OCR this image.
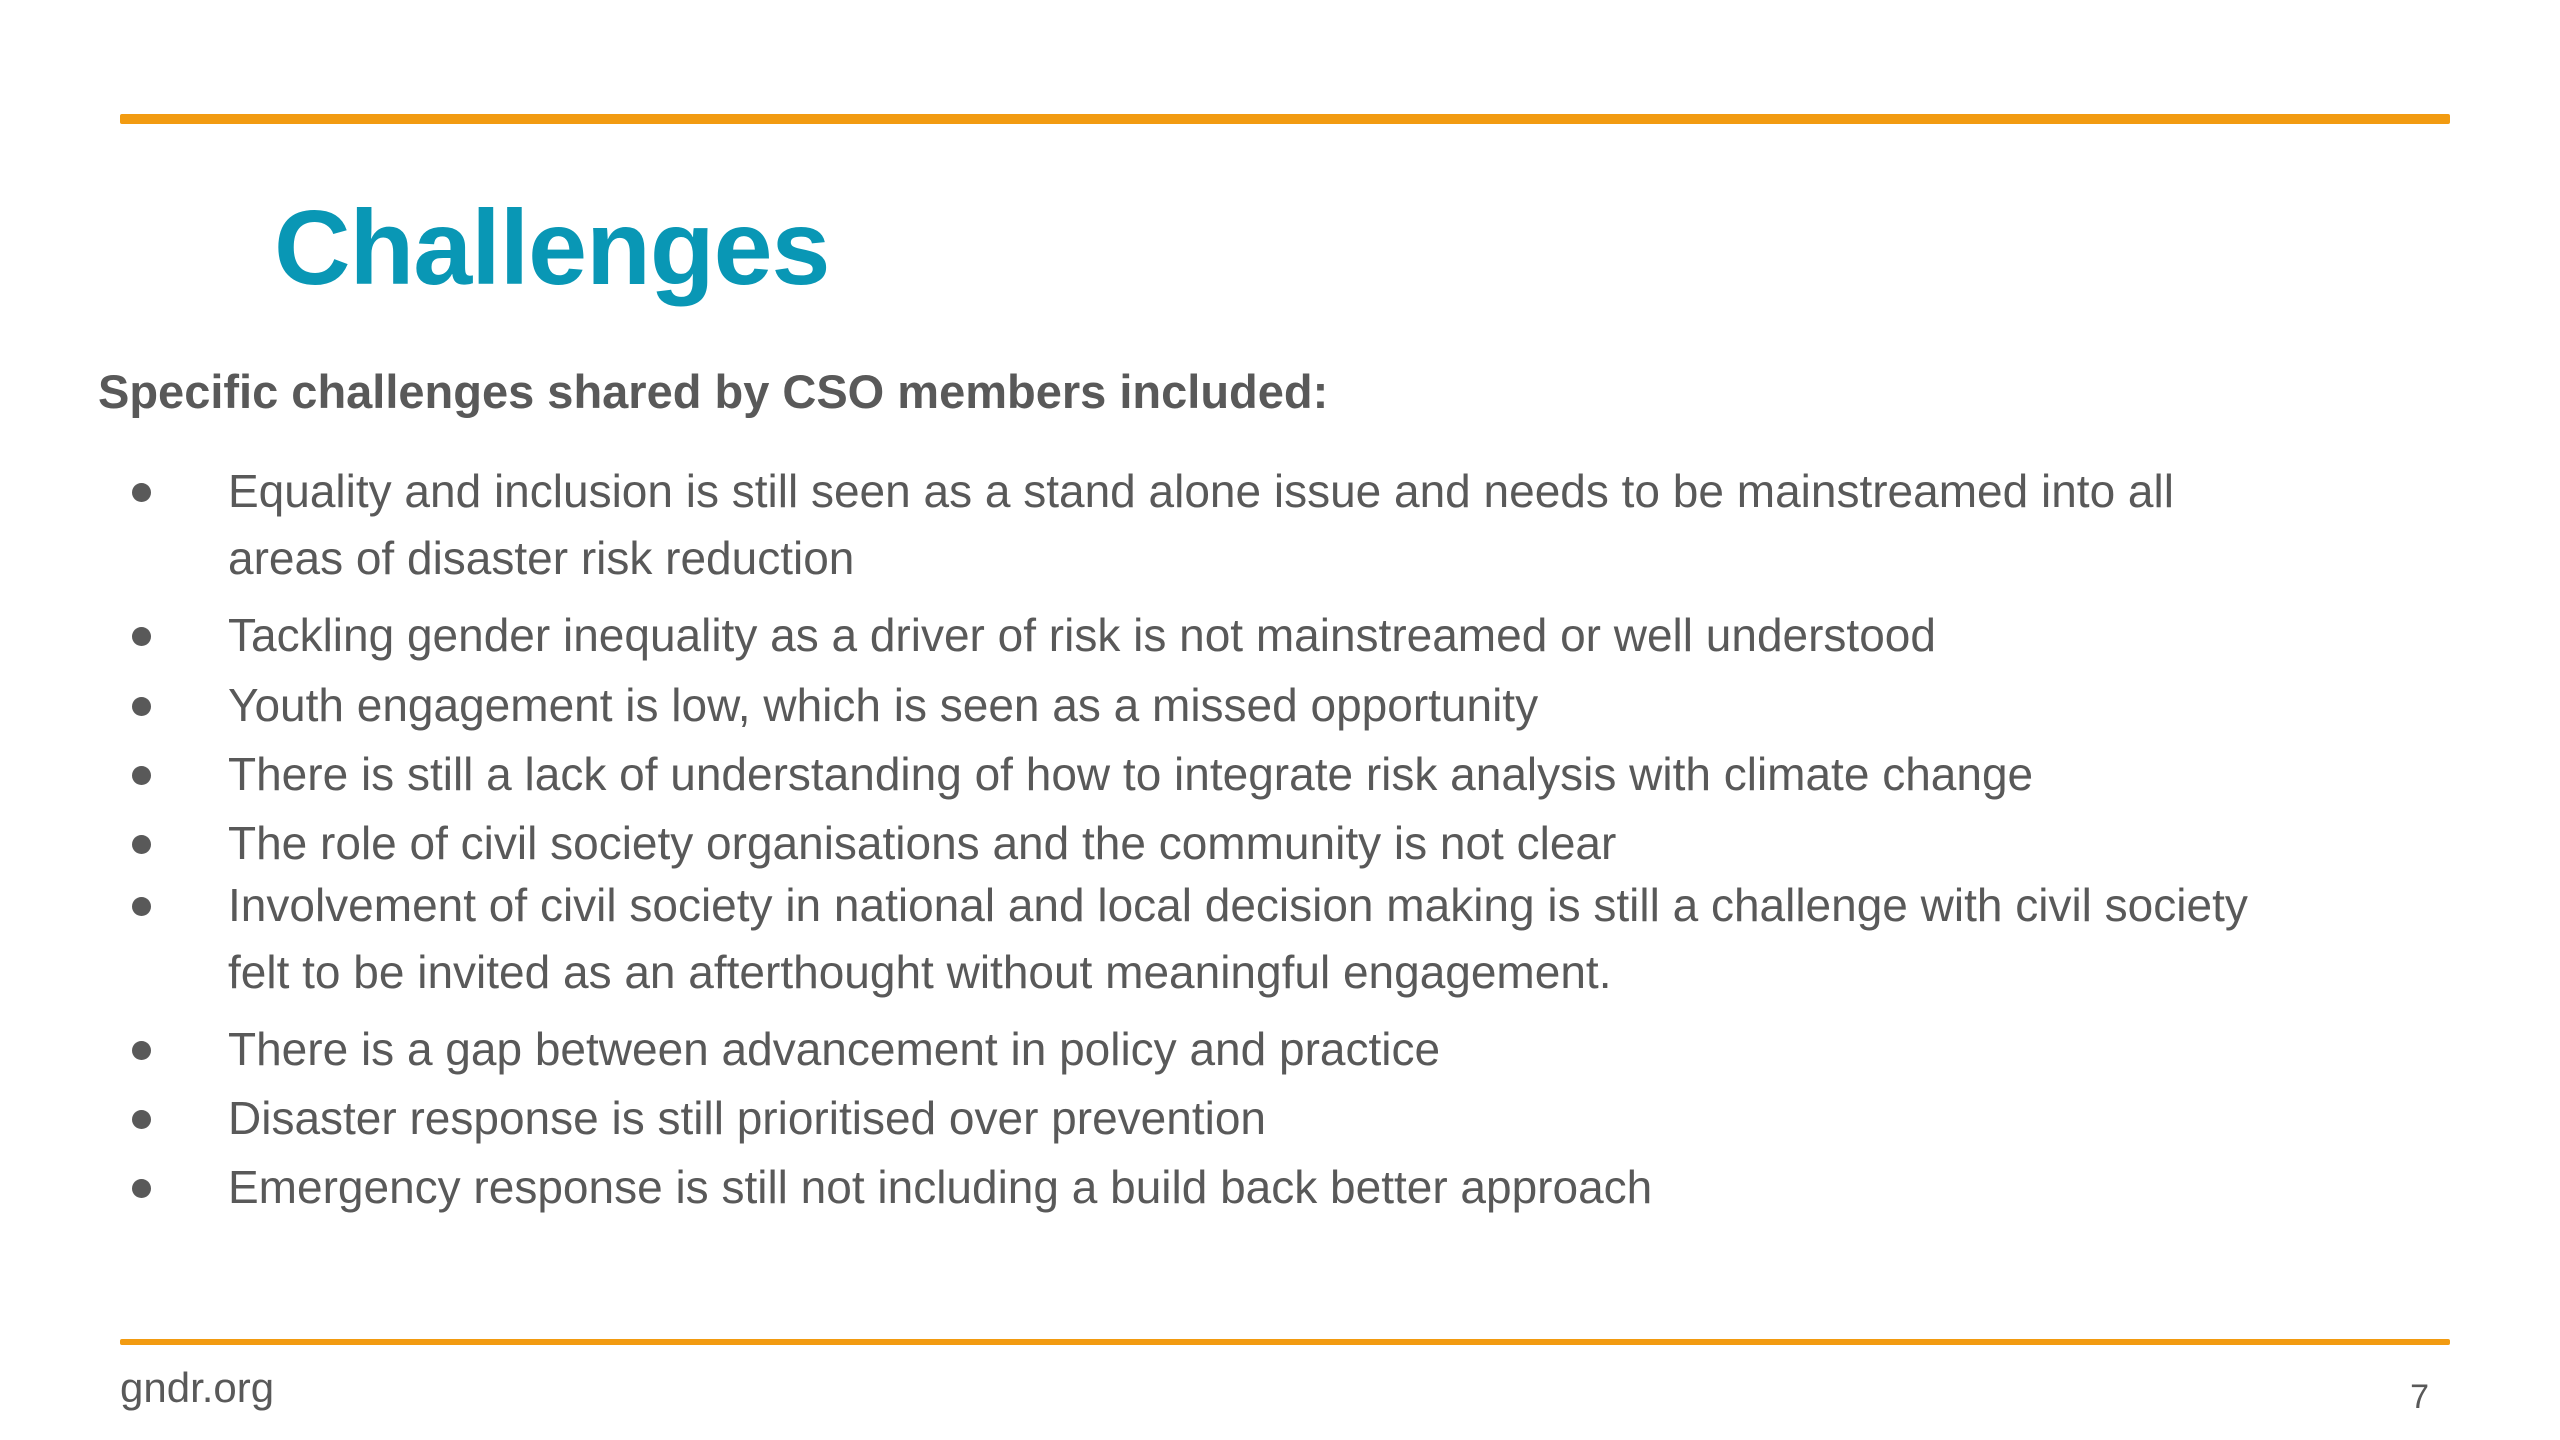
Challenges

Specific challenges shared by CSO members included:

Equality and inclusion is still seen as a stand alone issue and needs to be mainstreamed into all areas of disaster risk reduction
Tackling gender inequality as a driver of risk is not mainstreamed or well understood
Youth engagement is low, which is seen as a missed opportunity
There is still a lack of understanding of how to integrate risk analysis with climate change
The role of civil society organisations and the community is not clear
Involvement of civil society in national and local decision making is still a challenge with civil society felt to be invited as an afterthought without meaningful engagement.
There is a gap between advancement in policy and practice
Disaster response is still prioritised over prevention
Emergency response is still not including a build back better approach
gndr.org	7
